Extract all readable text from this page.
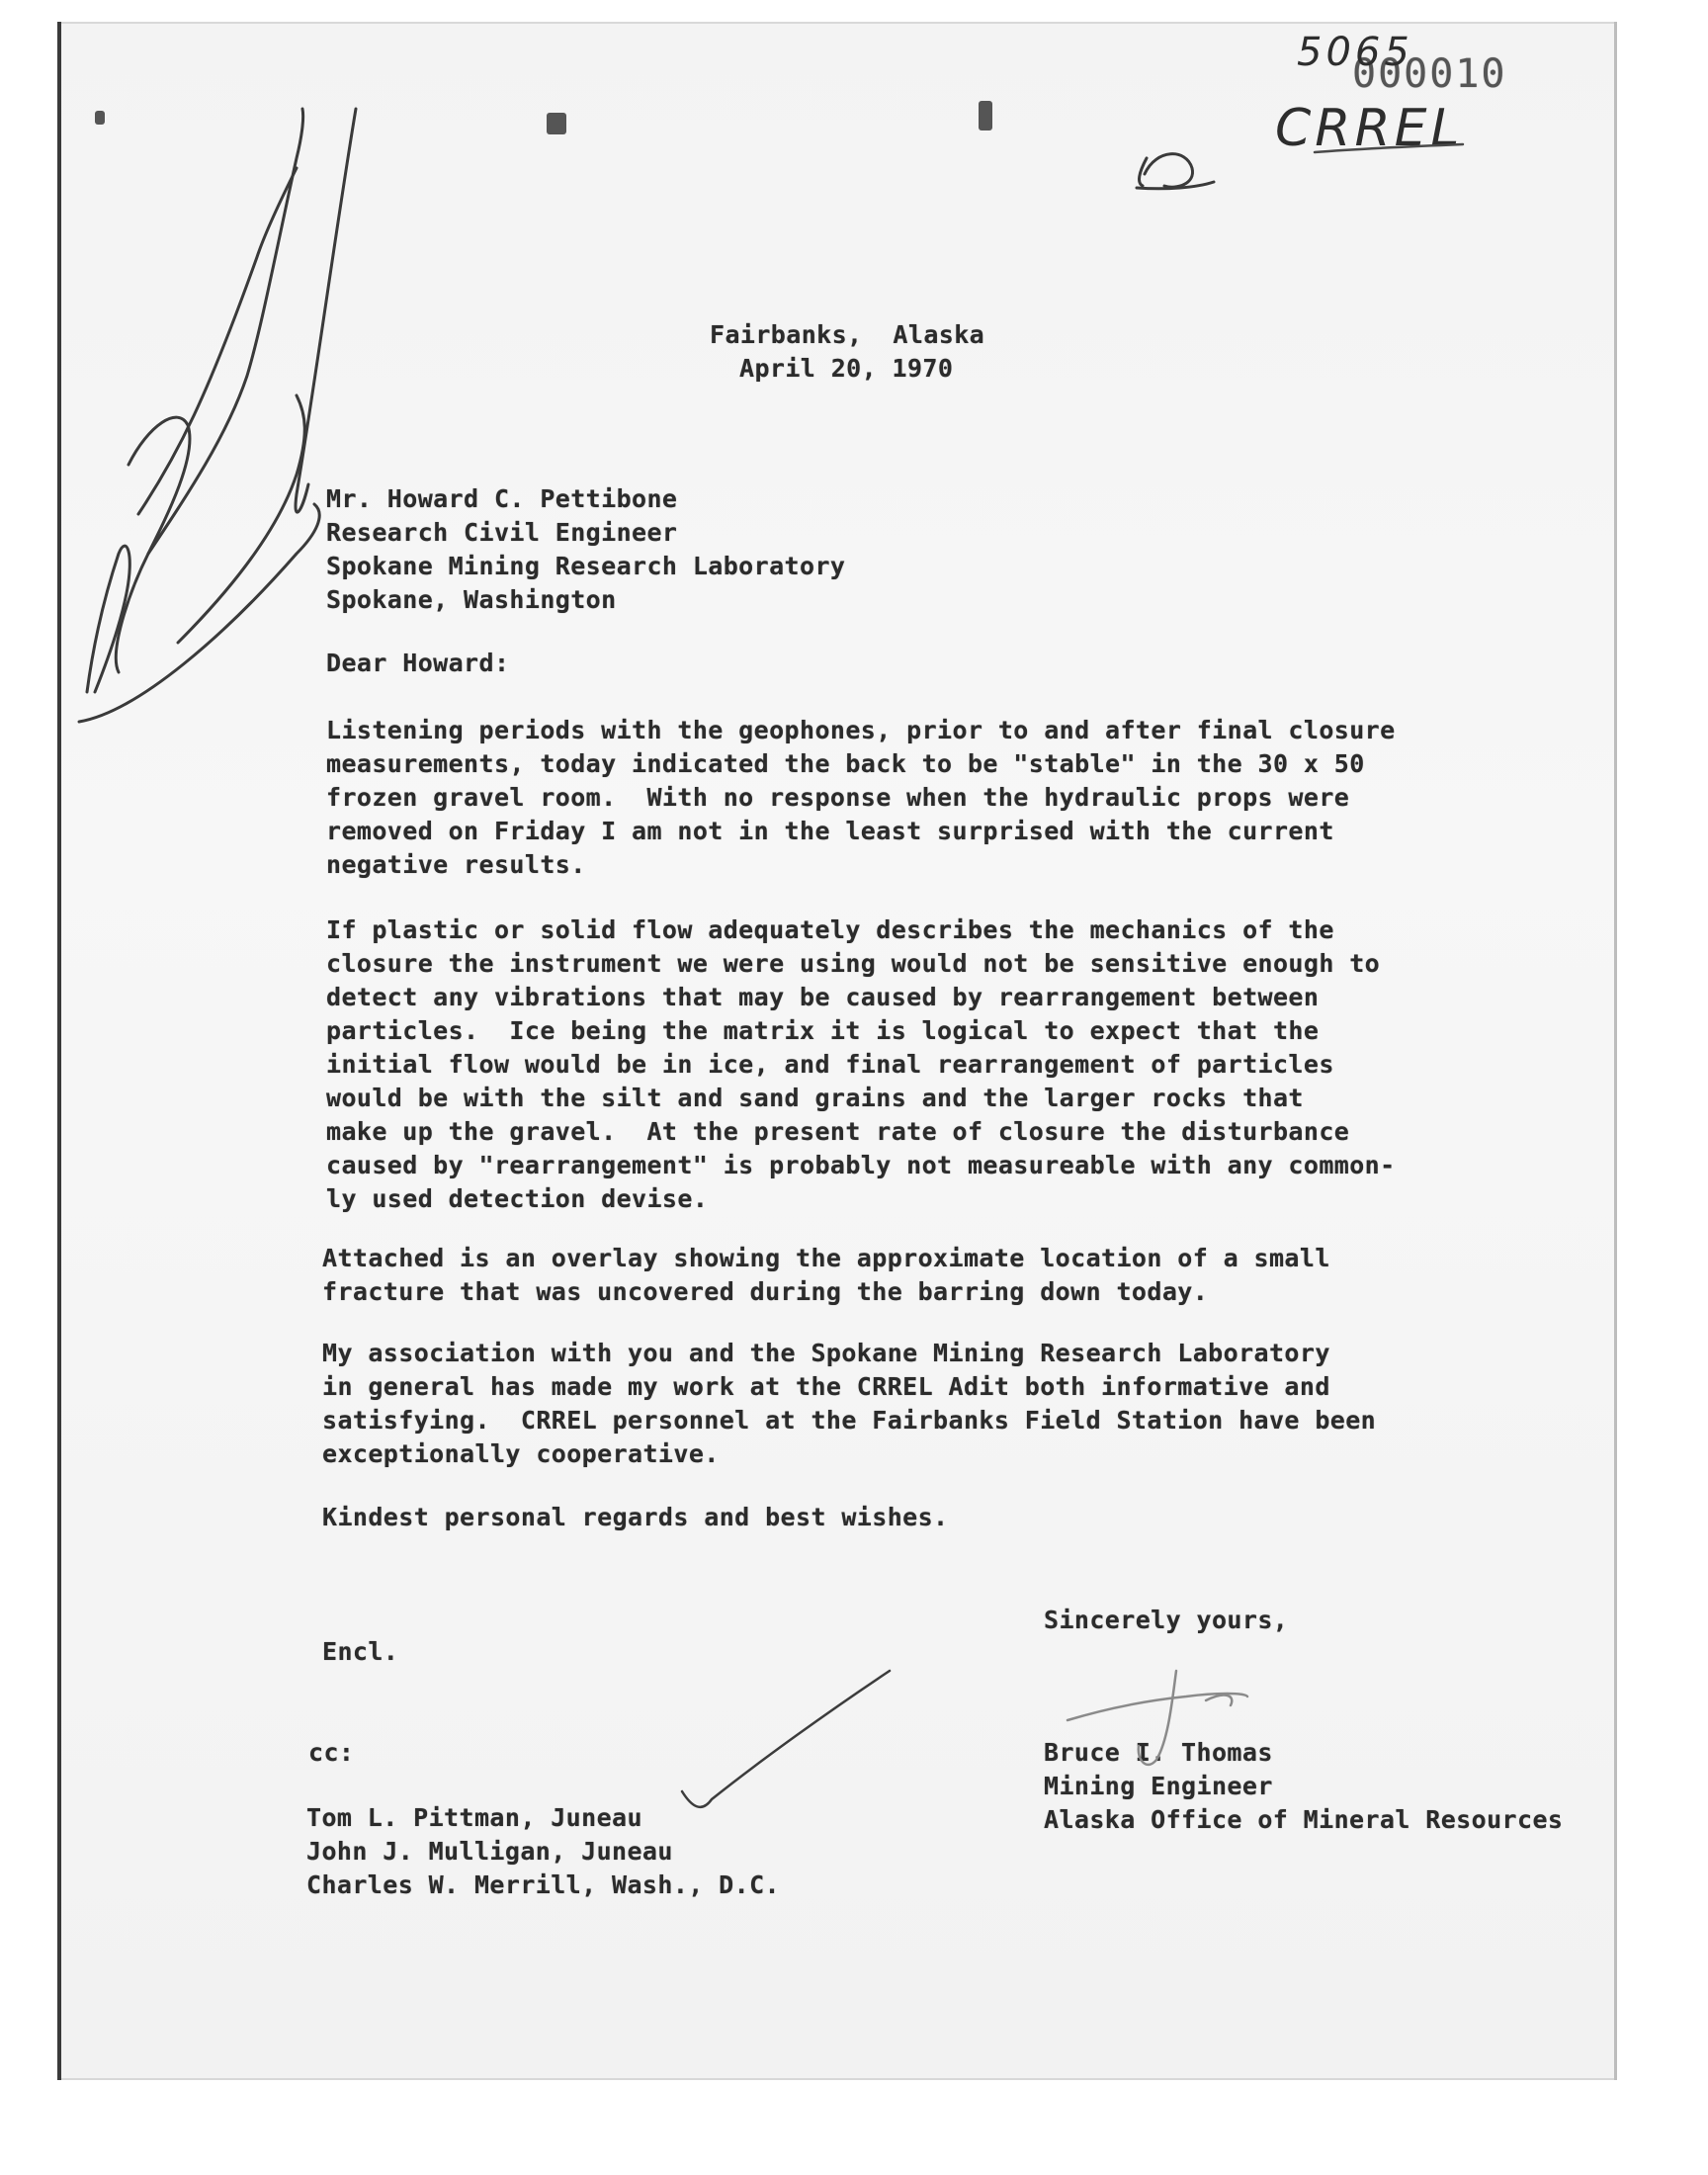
000010
5065
CRREL
Fairbanks,  Alaska
April 20, 1970
Mr. Howard C. Pettibone
Research Civil Engineer
Spokane Mining Research Laboratory
Spokane, Washington
Dear Howard:
Listening periods with the geophones, prior to and after final closure
measurements, today indicated the back to be "stable" in the 30 x 50
frozen gravel room.  With no response when the hydraulic props were
removed on Friday I am not in the least surprised with the current
negative results.
If plastic or solid flow adequately describes the mechanics of the
closure the instrument we were using would not be sensitive enough to
detect any vibrations that may be caused by rearrangement between
particles.  Ice being the matrix it is logical to expect that the
initial flow would be in ice, and final rearrangement of particles
would be with the silt and sand grains and the larger rocks that
make up the gravel.  At the present rate of closure the disturbance
caused by "rearrangement" is probably not measureable with any common-
ly used detection devise.
Attached is an overlay showing the approximate location of a small
fracture that was uncovered during the barring down today.
My association with you and the Spokane Mining Research Laboratory
in general has made my work at the CRREL Adit both informative and
satisfying.  CRREL personnel at the Fairbanks Field Station have been
exceptionally cooperative.
Kindest personal regards and best wishes.
Sincerely yours,
Encl.
Bruce I. Thomas
Mining Engineer
Alaska Office of Mineral Resources
cc:
Tom L. Pittman, Juneau
John J. Mulligan, Juneau
Charles W. Merrill, Wash., D.C.
